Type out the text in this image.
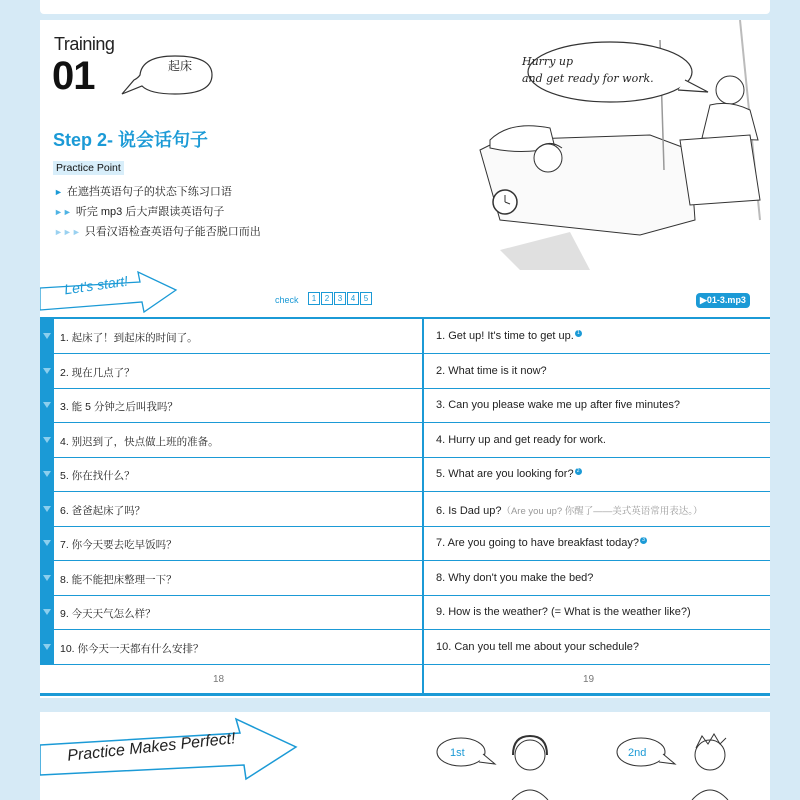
Training
01	起床
Step 2- 说会话句子
Practice Point
► 在遮挡英语句子的状态下练习口语
►► 听完 mp3 后大声跟读英语句子
►►► 只看汉语检查英语句子能否脱口而出
Hurry up
and get ready for work.
Let's start!
check	1	2	3	4	5	▶01-3.mp3
1. 起床了！到起床的时间了。	1. Get up! It's time to get up. 1
2. 现在几点了？	2. What time is it now?
3. 能 5 分钟之后叫我吗？	3. Can you please wake me up after five minutes?
4. 别迟到了，快点做上班的准备。	4. Hurry up and get ready for work.
5. 你在找什么？	5. What are you looking for? 2
6. 爸爸起床了吗？	6. Is Dad up?（Are you up? 你醒了——美式英语常用表达。）
7. 你今天要去吃早饭吗？	7. Are you going to have breakfast today? 3
8. 能不能把床整理一下？	8. Why don't you make the bed?
9. 今天天气怎么样？	9. How is the weather? (= What is the weather like?)
10. 你今天一天都有什么安排？	10. Can you tell me about your schedule?
18	19
Practice Makes Perfect!	1st	2nd
